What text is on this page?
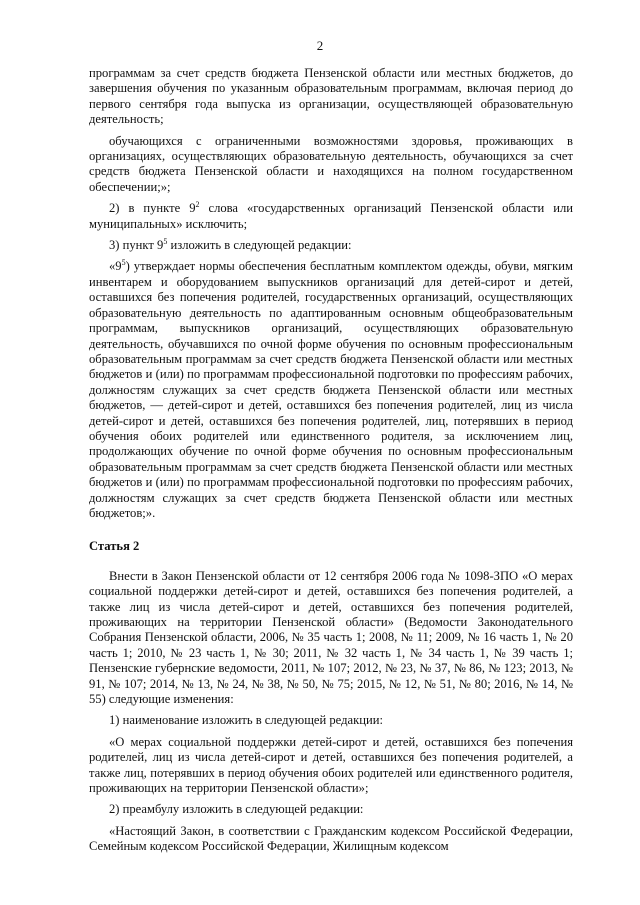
2

программам за счет средств бюджета Пензенской области или местных бюджетов, до завершения обучения по указанным образовательным программам, включая период до первого сентября года выпуска из организации, осуществляющей образовательную деятельность;

обучающихся с ограниченными возможностями здоровья, проживающих в организациях, осуществляющих образовательную деятельность, обучающихся за счет средств бюджета Пензенской области и находящихся на полном государственном обеспечении;»;

2) в пункте $9^2$ слова «государственных организаций Пензенской области или муниципальных» исключить;

3) пункт $9^5$ изложить в следующей редакции:

«$9^5$) утверждает нормы обеспечения бесплатным комплектом одежды, обуви, мягким инвентарем и оборудованием выпускников организаций для детей-сирот и детей, оставшихся без попечения родителей, государственных организаций, осуществляющих образовательную деятельность по адаптированным основным общеобразовательным программам, выпускников организаций, осуществляющих образовательную деятельность, обучавшихся по очной форме обучения по основным профессиональным образовательным программам за счет средств бюджета Пензенской области или местных бюджетов и (или) по программам профессиональной подготовки по профессиям рабочих, должностям служащих за счет средств бюджета Пензенской области или местных бюджетов, — детей-сирот и детей, оставшихся без попечения родителей, лиц из числа детей-сирот и детей, оставшихся без попечения родителей, лиц, потерявших в период обучения обоих родителей или единственного родителя, за исключением лиц, продолжающих обучение по очной форме обучения по основным профессиональным образовательным программам за счет средств бюджета Пензенской области или местных бюджетов и (или) по программам профессиональной подготовки по профессиям рабочих, должностям служащих за счет средств бюджета Пензенской области или местных бюджетов;».

Статья 2

Внести в Закон Пензенской области от 12 сентября 2006 года № 1098-ЗПО «О мерах социальной поддержки детей-сирот и детей, оставшихся без попечения родителей, а также лиц из числа детей-сирот и детей, оставшихся без попечения родителей, проживающих на территории Пензенской области» (Ведомости Законодательного Собрания Пензенской области, 2006, № 35 часть 1; 2008, № 11; 2009, № 16 часть 1, № 20 часть 1; 2010, № 23 часть 1, № 30; 2011, № 32 часть 1, № 34 часть 1, № 39 часть 1; Пензенские губернские ведомости, 2011, № 107; 2012, № 23, № 37, № 86, № 123; 2013, № 91, № 107; 2014, № 13, № 24, № 38, № 50, № 75; 2015, № 12, № 51, № 80; 2016, № 14, № 55) следующие изменения:

1) наименование изложить в следующей редакции:

«О мерах социальной поддержки детей-сирот и детей, оставшихся без попечения родителей, лиц из числа детей-сирот и детей, оставшихся без попечения родителей, а также лиц, потерявших в период обучения обоих родителей или единственного родителя, проживающих на территории Пензенской области»;

2) преамбулу изложить в следующей редакции:

«Настоящий Закон, в соответствии с Гражданским кодексом Российской Федерации, Семейным кодексом Российской Федерации, Жилищным кодексом
